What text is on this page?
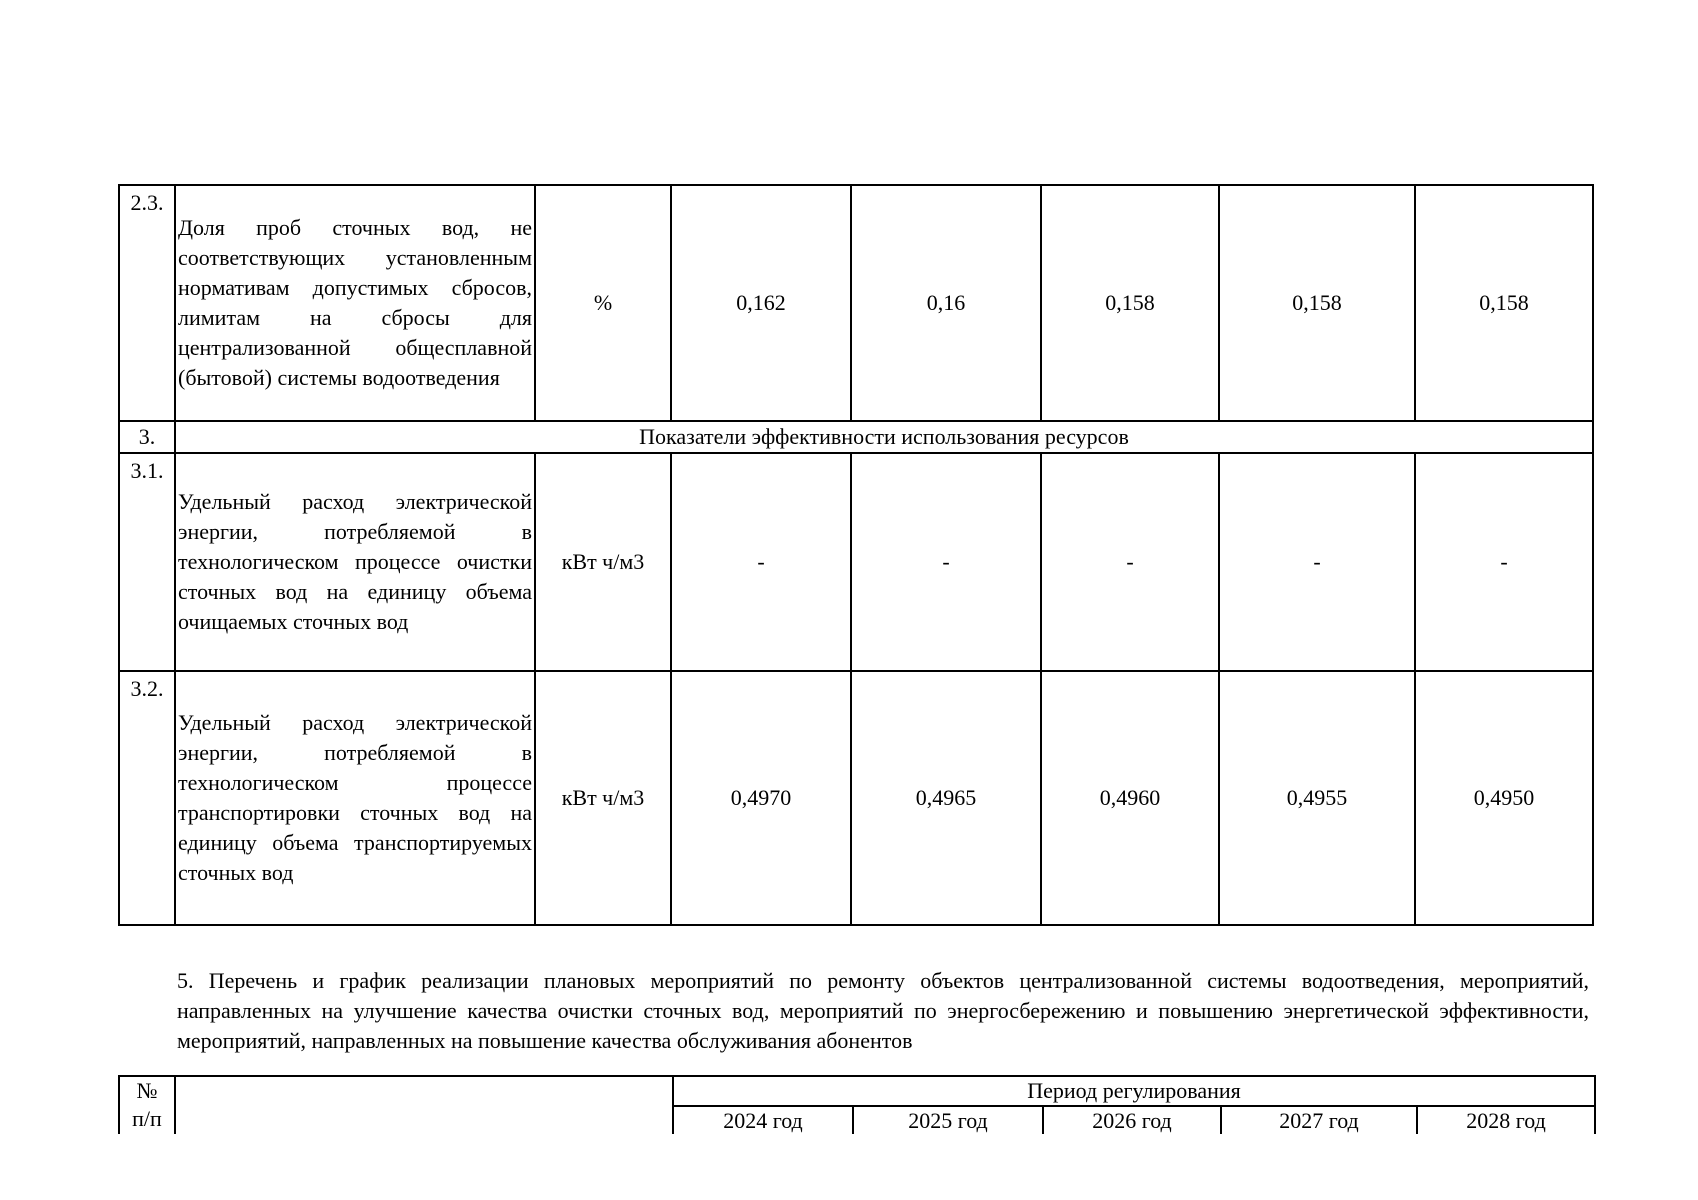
2.3.	Доля проб сточных вод, не соответствующих установленным нормативам допустимых сбросов, лимитам на сбросы для централизованной общесплавной (бытовой) системы водоотведения	%	0,162	0,16	0,158	0,158	0,158
3.	Показатели эффективности использования ресурсов						
3.1.	Удельный расход электрической энергии, потребляемой в технологическом процессе очистки сточных вод на единицу объема очищаемых сточных вод	кВт ч/м3	-	-	-	-	-
3.2.	Удельный расход электрической энергии, потребляемой в технологическом процессе транспортировки сточных вод на единицу объема транспортируемых сточных вод	кВт ч/м3	0,4970	0,4965	0,4960	0,4955	0,4950

5. Перечень и график реализации плановых мероприятий по ремонту объектов централизованной системы водоотведения, мероприятий, направленных на улучшение качества очистки сточных вод, мероприятий по энергосбережению и повышению энергетической эффективности, мероприятий, направленных на повышение качества обслуживания абонентов

№
п/п		Период регулирования				
		2024 год	2025 год	2026 год	2027 год	2028 год
